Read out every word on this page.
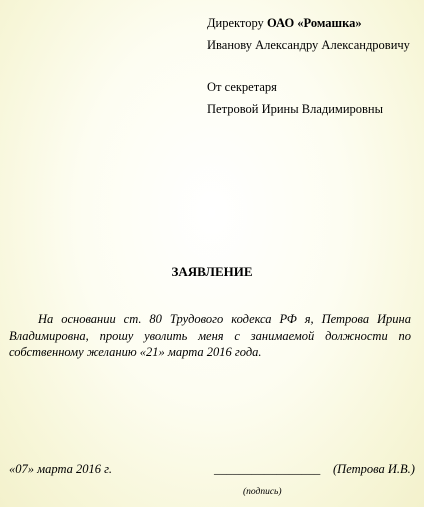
Директору ОАО «Ромашка»
Иванову Александру Александровичу
От секретаря
Петровой Ирины Владимировны
ЗАЯВЛЕНИЕ
На основании ст. 80 Трудового кодекса РФ я, Петрова Ирина Владимировна, прошу уволить меня с занимаемой должности по собственному желанию «21» марта 2016 года.
«07» марта 2016 г.	_________________ (Петрова И.В.)
(подпись)
